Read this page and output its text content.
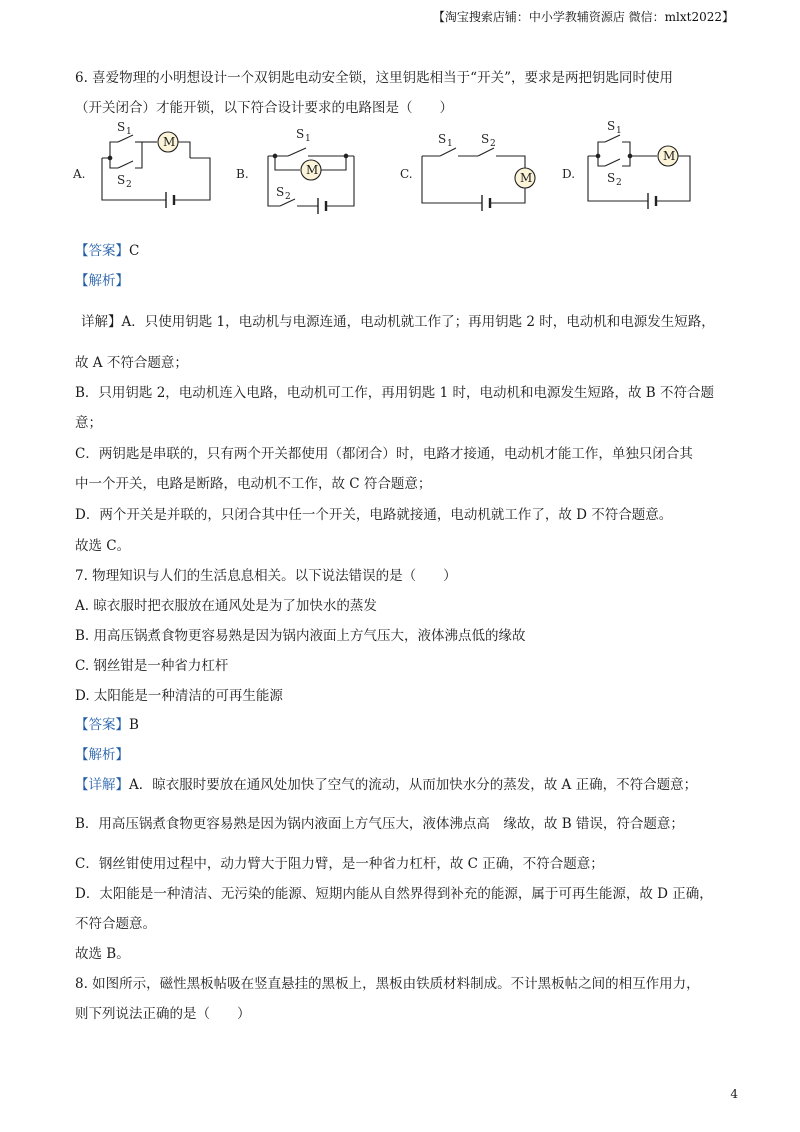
【淘宝搜索店铺：中小学教辅资源店 微信：mlxt2022】
6. 喜爱物理的小明想设计一个双钥匙电动安全锁，这里钥匙相当于“开关”，要求是两把钥匙同时使用
（开关闭合）才能开锁，以下符合设计要求的电路图是（　　）
A.
M
S 1
S 2
B.	M
S 1
S 2
C.	M
S 1 S 2
D.
M
S 1
S 2
【答案】C
【解析】
详解】A．只使用钥匙 1，电动机与电源连通，电动机就工作了；再用钥匙 2 时，电动机和电源发生短路，
故 A 不符合题意；
B．只用钥匙 2，电动机连入电路，电动机可工作，再用钥匙 1 时，电动机和电源发生短路，故 B 不符合题
意；
C．两钥匙是串联的，只有两个开关都使用（都闭合）时，电路才接通，电动机才能工作，单独只闭合其
中一个开关，电路是断路，电动机不工作，故 C 符合题意；
D．两个开关是并联的，只闭合其中任一个开关，电路就接通，电动机就工作了，故 D 不符合题意。
故选 C。
7. 物理知识与人们的生活息息相关。以下说法错误的是（　　）
A. 晾衣服时把衣服放在通风处是为了加快水的蒸发
B. 用高压锅煮食物更容易熟是因为锅内液面上方气压大，液体沸点低的缘故
C. 钢丝钳是一种省力杠杆
D. 太阳能是一种清洁的可再生能源
【答案】B
【解析】
【详解】A．晾衣服时要放在通风处加快了空气的流动，从而加快水分的蒸发，故 A 正确，不符合题意；
B．用高压锅煮食物更容易熟是因为锅内液面上方气压大，液体沸点高　缘故，故 B 错误，符合题意；
C．钢丝钳使用过程中，动力臂大于阻力臂，是一种省力杠杆，故 C 正确，不符合题意；
D．太阳能是一种清洁、无污染的能源、短期内能从自然界得到补充的能源，属于可再生能源，故 D 正确，
不符合题意。
故选 B。
8. 如图所示，磁性黑板帖吸在竖直悬挂的黑板上，黑板由铁质材料制成。不计黑板帖之间的相互作用力，
则下列说法正确的是（　　）
4
